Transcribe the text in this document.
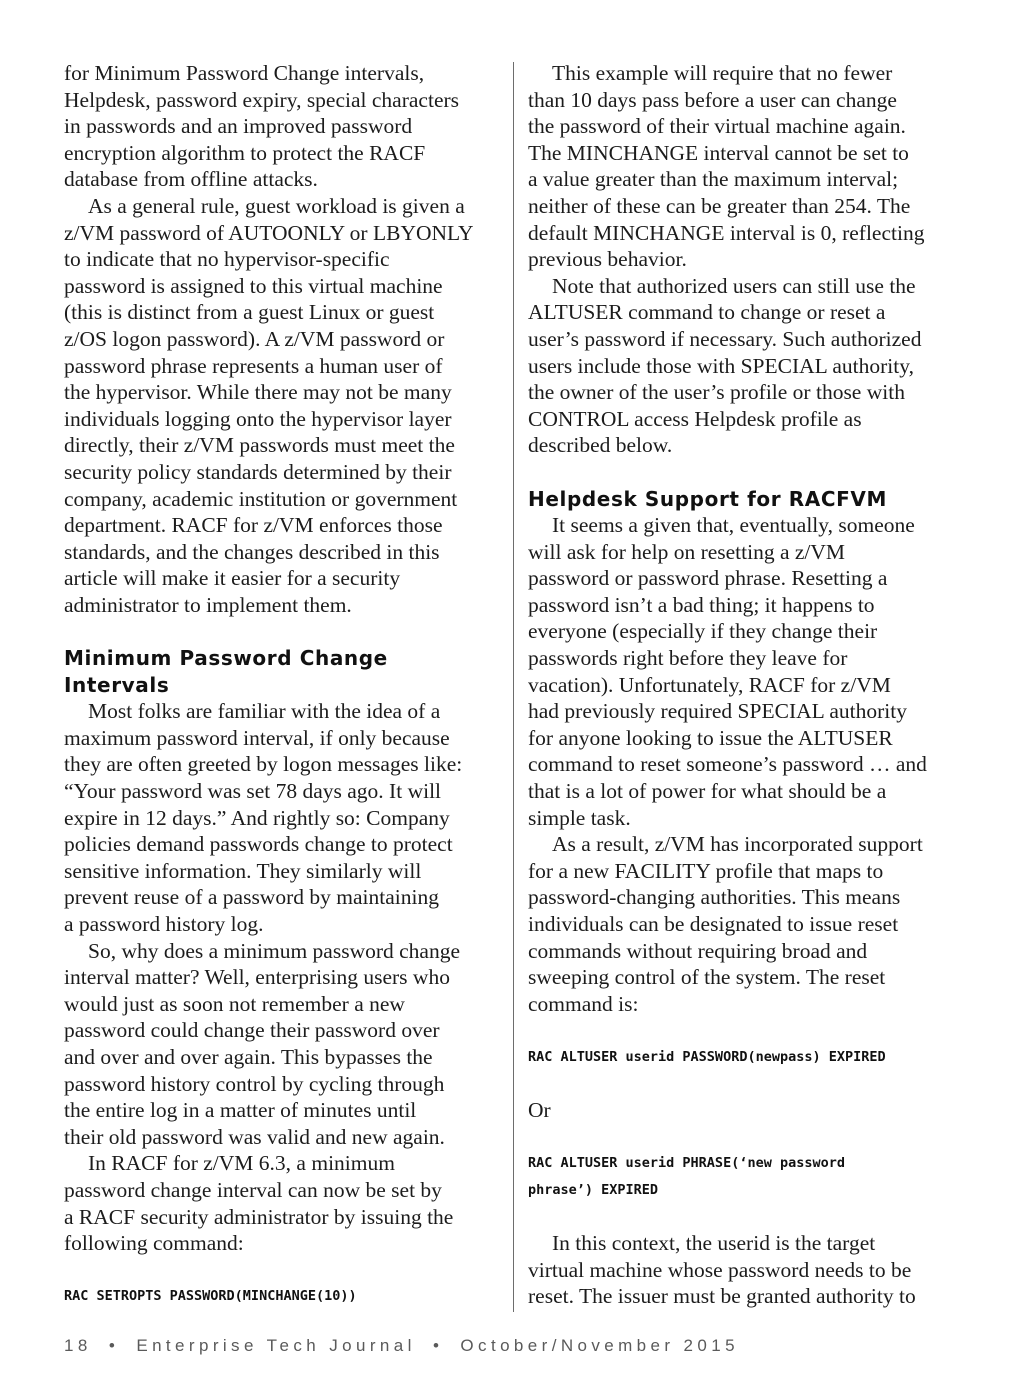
for Minimum Password Change intervals,
Helpdesk, password expiry, special characters
in passwords and an improved password
encryption algorithm to protect the RACF
database from offline attacks.
As a general rule, guest workload is given a
z/VM password of AUTOONLY or LBYONLY
to indicate that no hypervisor-specific
password is assigned to this virtual machine
(this is distinct from a guest Linux or guest
z/OS logon password). A z/VM password or
password phrase represents a human user of
the hypervisor. While there may not be many
individuals logging onto the hypervisor layer
directly, their z/VM passwords must meet the
security policy standards determined by their
company, academic institution or government
department. RACF for z/VM enforces those
standards, and the changes described in this
article will make it easier for a security
administrator to implement them.
Minimum Password Change
Intervals
Most folks are familiar with the idea of a
maximum password interval, if only because
they are often greeted by logon messages like:
“Your password was set 78 days ago. It will
expire in 12 days.” And rightly so: Company
policies demand passwords change to protect
sensitive information. They similarly will
prevent reuse of a password by maintaining
a password history log.
So, why does a minimum password change
interval matter? Well, enterprising users who
would just as soon not remember a new
password could change their password over
and over and over again. This bypasses the
password history control by cycling through
the entire log in a matter of minutes until
their old password was valid and new again.
In RACF for z/VM 6.3, a minimum
password change interval can now be set by
a RACF security administrator by issuing the
following command:
RAC SETROPTS PASSWORD(MINCHANGE(10))
This example will require that no fewer
than 10 days pass before a user can change
the password of their virtual machine again.
The MINCHANGE interval cannot be set to
a value greater than the maximum interval;
neither of these can be greater than 254. The
default MINCHANGE interval is 0, reflecting
previous behavior.
Note that authorized users can still use the
ALTUSER command to change or reset a
user’s password if necessary. Such authorized
users include those with SPECIAL authority,
the owner of the user’s profile or those with
CONTROL access Helpdesk profile as
described below.
Helpdesk Support for RACFVM
It seems a given that, eventually, someone
will ask for help on resetting a z/VM
password or password phrase. Resetting a
password isn’t a bad thing; it happens to
everyone (especially if they change their
passwords right before they leave for
vacation). Unfortunately, RACF for z/VM
had previously required SPECIAL authority
for anyone looking to issue the ALTUSER
command to reset someone’s password … and
that is a lot of power for what should be a
simple task.
As a result, z/VM has incorporated support
for a new FACILITY profile that maps to
password-changing authorities. This means
individuals can be designated to issue reset
commands without requiring broad and
sweeping control of the system. The reset
command is:
RAC ALTUSER userid PASSWORD(newpass) EXPIRED
Or
RAC ALTUSER userid PHRASE(‘new password
phrase’) EXPIRED
In this context, the userid is the target
virtual machine whose password needs to be
reset. The issuer must be granted authority to
18 • Enterprise Tech Journal • October/November 2015
